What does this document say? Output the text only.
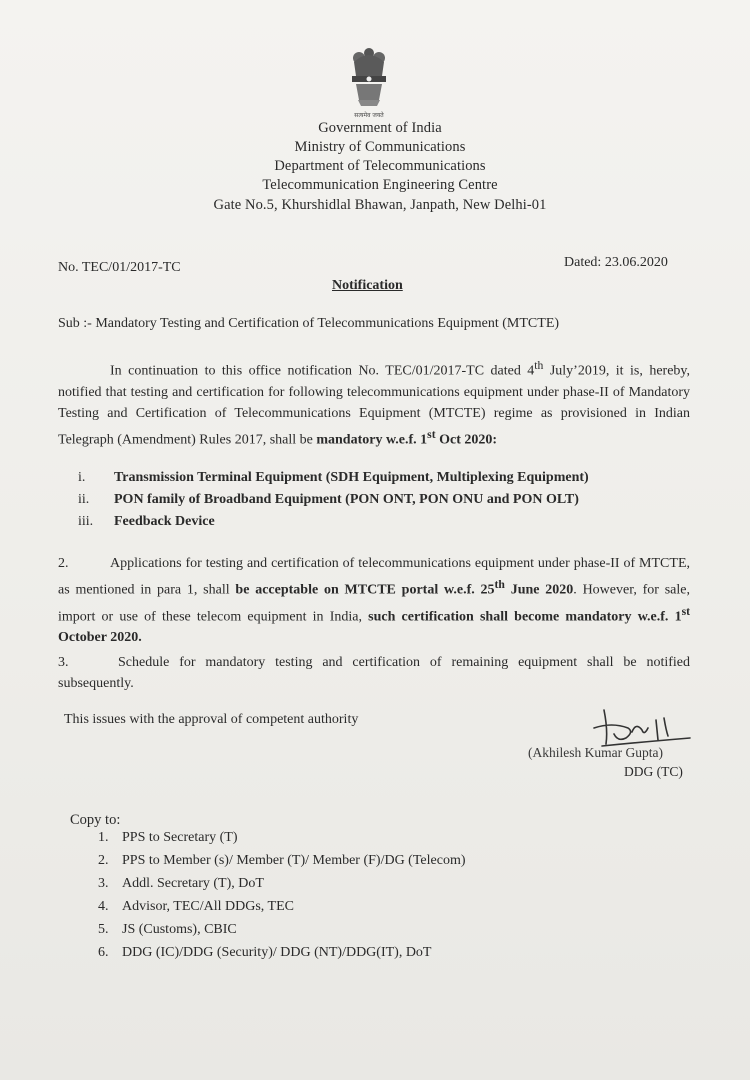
सत्यमेव जयते
Government of India
Ministry of Communications
Department of Telecommunications
Telecommunication Engineering Centre
Gate No.5, Khurshidlal Bhawan, Janpath, New Delhi-01
No. TEC/01/2017-TC	Dated: 23.06.2020
Notification
Sub :- Mandatory Testing and Certification of Telecommunications Equipment (MTCTE)

In continuation to this office notification No. TEC/01/2017-TC dated 4th July’2019, it is, hereby, notified that testing and certification for following telecommunications equipment under phase-II of Mandatory Testing and Certification of Telecommunications Equipment (MTCTE) regime as provisioned in Indian Telegraph (Amendment) Rules 2017, shall be mandatory w.e.f. 1st Oct 2020:

i. Transmission Terminal Equipment (SDH Equipment, Multiplexing Equipment)
ii. PON family of Broadband Equipment (PON ONT, PON ONU and PON OLT)
iii. Feedback Device

2.	Applications for testing and certification of telecommunications equipment under phase-II of MTCTE, as mentioned in para 1, shall be acceptable on MTCTE portal w.e.f. 25th June 2020. However, for sale, import or use of these telecom equipment in India, such certification shall become mandatory w.e.f. 1st October 2020.

3.	Schedule for mandatory testing and certification of remaining equipment shall be notified subsequently.

This issues with the approval of competent authority
(Akhilesh Kumar Gupta)
DDG (TC)
Copy to:
1. PPS to Secretary (T)
2. PPS to Member (s)/ Member (T)/ Member (F)/DG (Telecom)
3. Addl. Secretary (T), DoT
4. Advisor, TEC/All DDGs, TEC
5. JS (Customs), CBIC
6. DDG (IC)/DDG (Security)/ DDG (NT)/DDG(IT), DoT
